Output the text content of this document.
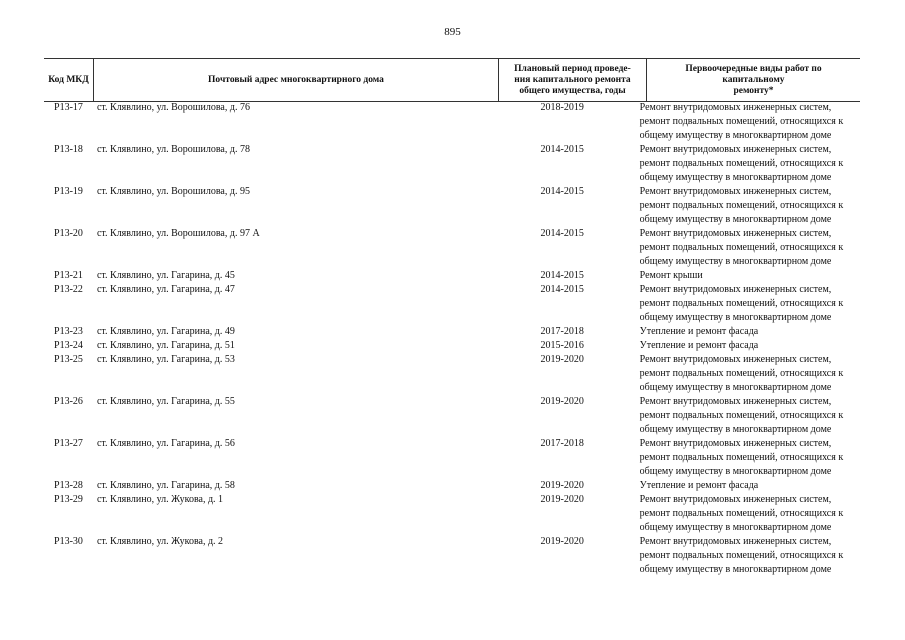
895
Код МКД	Почтовый адрес многоквартирного дома
Плановый период проведе-
ния капитального ремонта
общего имущества, годы
Первоочередные виды работ по капитальному
ремонту*
Р13-17	ст. Клявлино, ул. Ворошилова, д. 76	2018-2019	Ремонт внутридомовых инженерных систем,
ремонт подвальных помещений, относящихся к
общему имуществу в многоквартирном доме
Р13-18	ст. Клявлино, ул. Ворошилова, д. 78	2014-2015	Ремонт внутридомовых инженерных систем,
ремонт подвальных помещений, относящихся к
общему имуществу в многоквартирном доме
Р13-19	ст. Клявлино, ул. Ворошилова, д. 95	2014-2015	Ремонт внутридомовых инженерных систем,
ремонт подвальных помещений, относящихся к
общему имуществу в многоквартирном доме
Р13-20	ст. Клявлино, ул. Ворошилова, д. 97 А	2014-2015	Ремонт внутридомовых инженерных систем,
ремонт подвальных помещений, относящихся к
общему имуществу в многоквартирном доме
Р13-21	ст. Клявлино, ул. Гагарина, д. 45	2014-2015	Ремонт крыши
Р13-22	ст. Клявлино, ул. Гагарина, д. 47	2014-2015	Ремонт внутридомовых инженерных систем,
ремонт подвальных помещений, относящихся к
общему имуществу в многоквартирном доме
Р13-23	ст. Клявлино, ул. Гагарина, д. 49	2017-2018	Утепление и ремонт фасада
Р13-24	ст. Клявлино, ул. Гагарина, д. 51	2015-2016	Утепление и ремонт фасада
Р13-25	ст. Клявлино, ул. Гагарина, д. 53	2019-2020	Ремонт внутридомовых инженерных систем,
ремонт подвальных помещений, относящихся к
общему имуществу в многоквартирном доме
Р13-26	ст. Клявлино, ул. Гагарина, д. 55	2019-2020	Ремонт внутридомовых инженерных систем,
ремонт подвальных помещений, относящихся к
общему имуществу в многоквартирном доме
Р13-27	ст. Клявлино, ул. Гагарина, д. 56	2017-2018	Ремонт внутридомовых инженерных систем,
ремонт подвальных помещений, относящихся к
общему имуществу в многоквартирном доме
Р13-28	ст. Клявлино, ул. Гагарина, д. 58	2019-2020	Утепление и ремонт фасада
Р13-29	ст. Клявлино, ул. Жукова, д. 1	2019-2020	Ремонт внутридомовых инженерных систем,
ремонт подвальных помещений, относящихся к
общему имуществу в многоквартирном доме
Р13-30	ст. Клявлино, ул. Жукова, д. 2	2019-2020	Ремонт внутридомовых инженерных систем,
ремонт подвальных помещений, относящихся к
общему имуществу в многоквартирном доме
